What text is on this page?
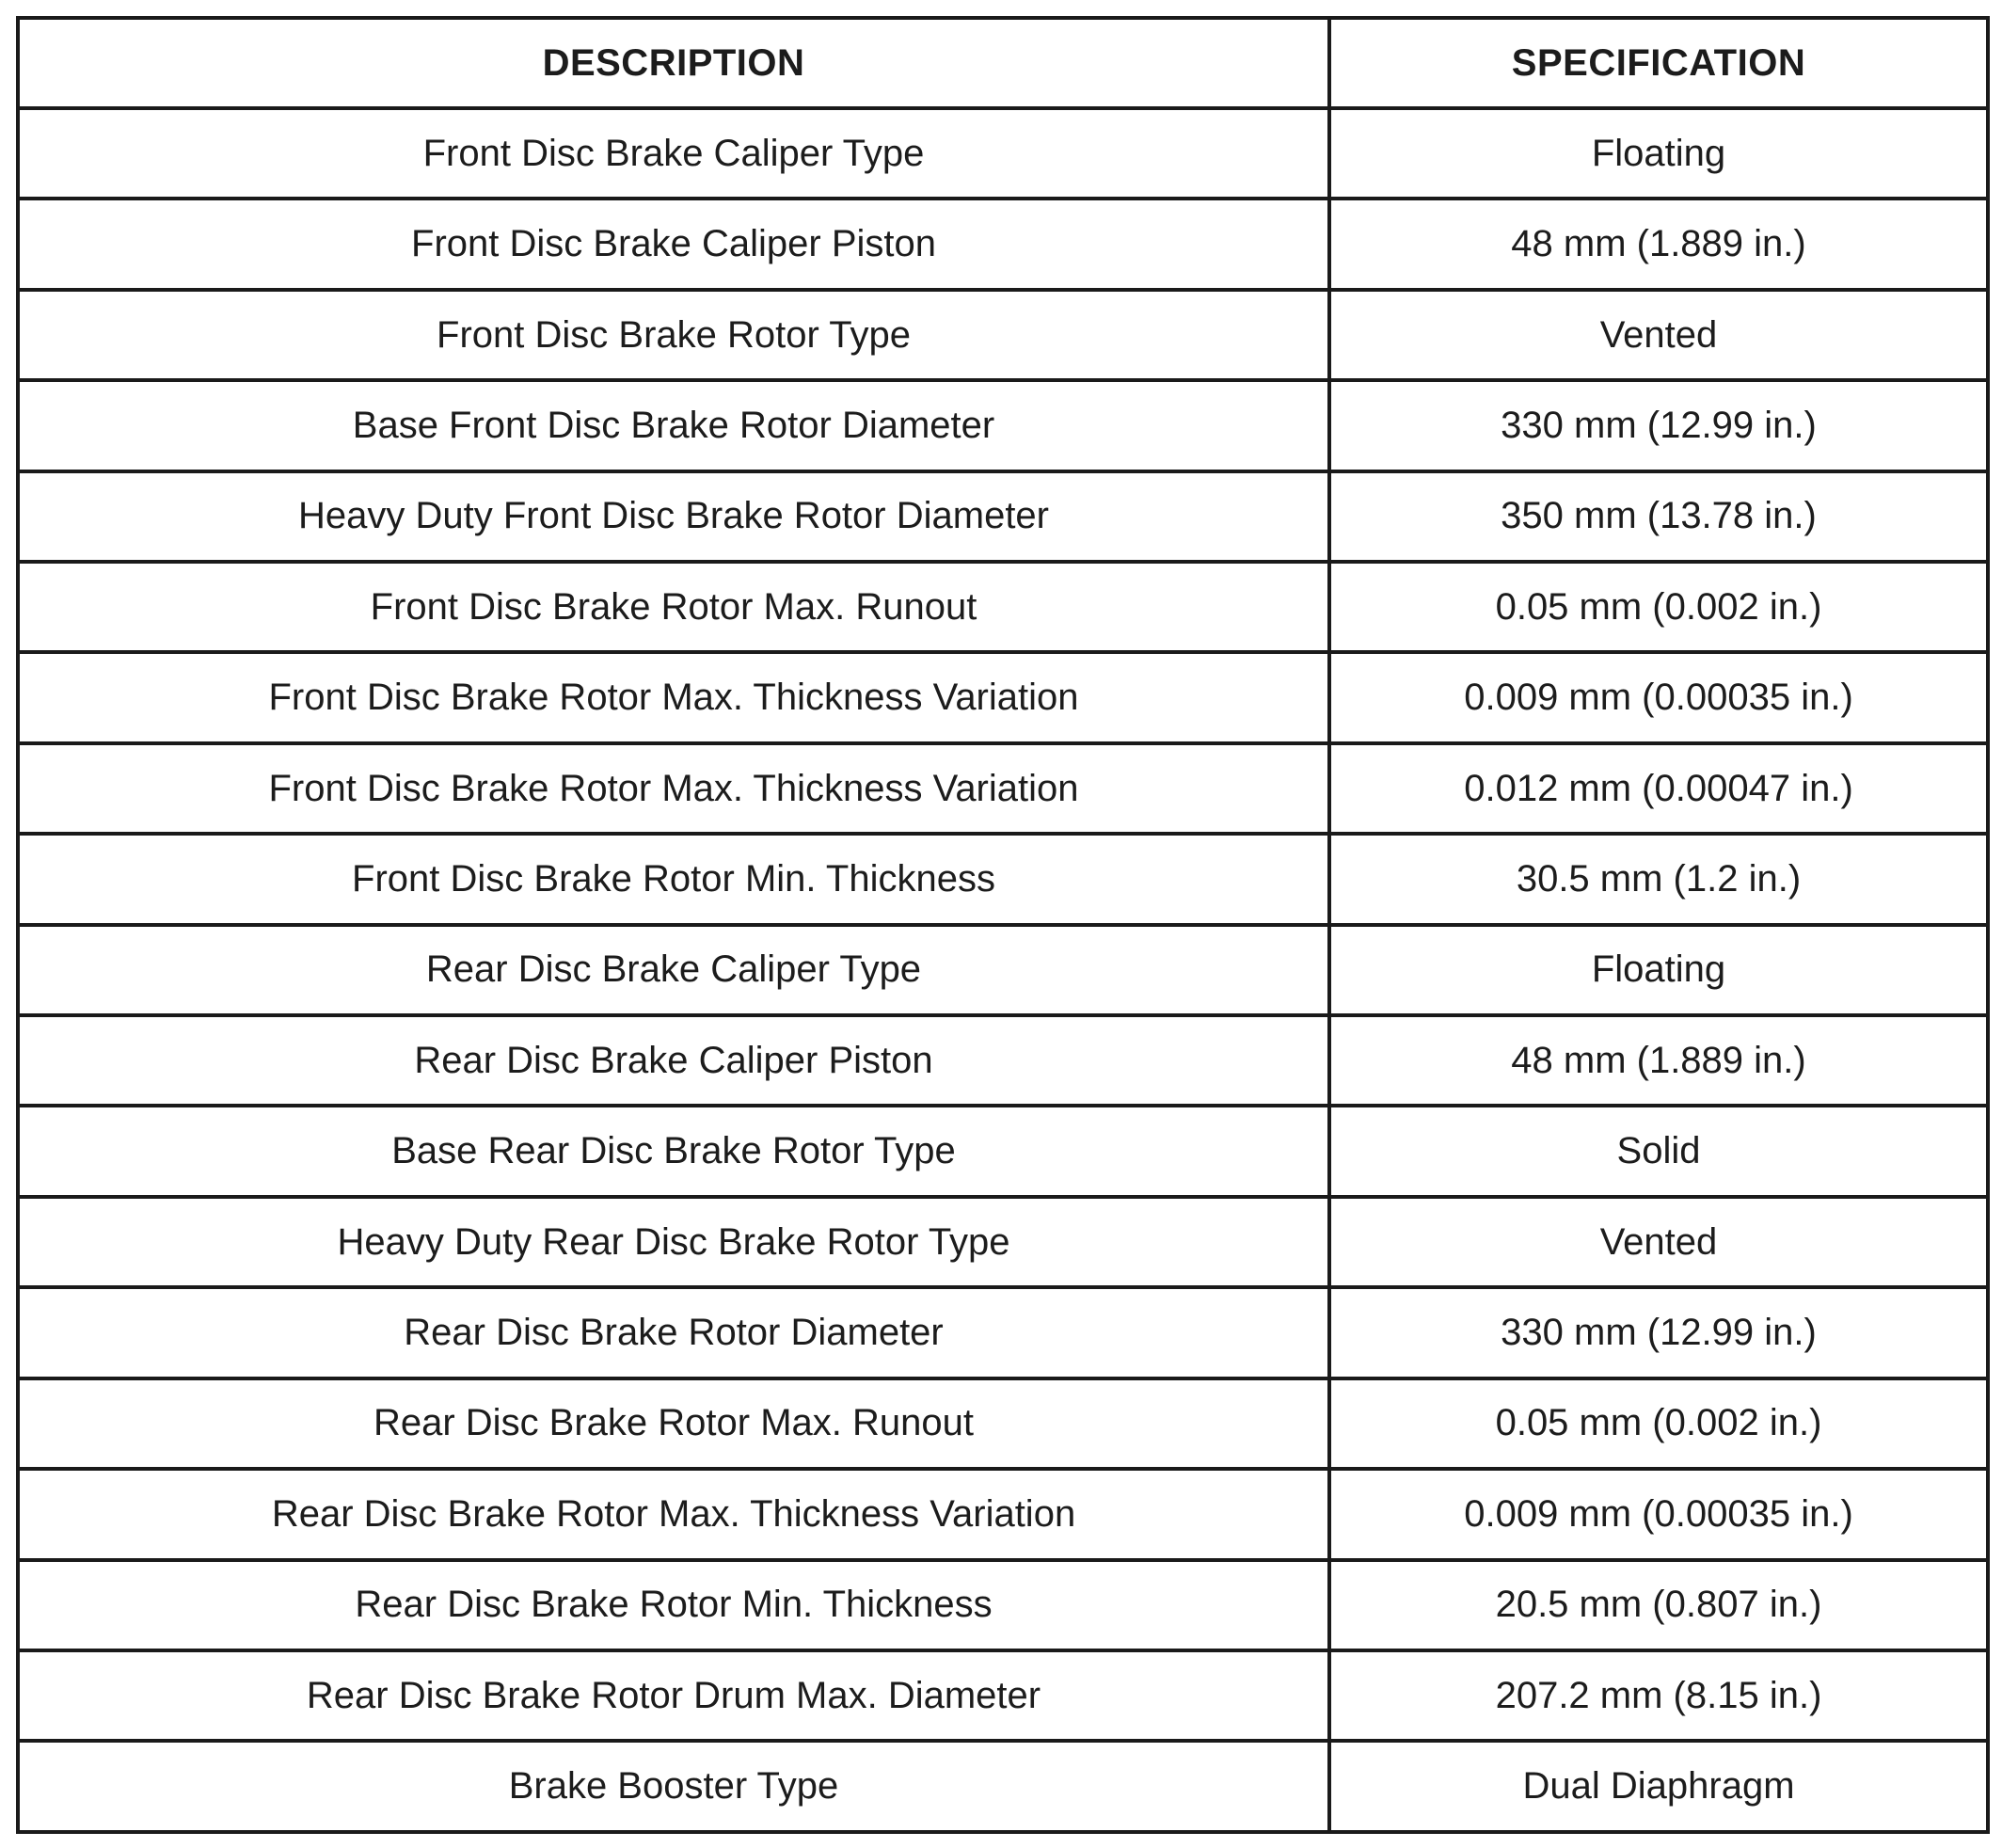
DESCRIPTION	SPECIFICATION
Front Disc Brake Caliper Type	Floating
Front Disc Brake Caliper Piston	48 mm (1.889 in.)
Front Disc Brake Rotor Type	Vented
Base Front Disc Brake Rotor Diameter	330 mm (12.99 in.)
Heavy Duty Front Disc Brake Rotor Diameter	350 mm (13.78 in.)
Front Disc Brake Rotor Max. Runout	0.05 mm (0.002 in.)
Front Disc Brake Rotor Max. Thickness Variation	0.009 mm (0.00035 in.)
Front Disc Brake Rotor Max. Thickness Variation	0.012 mm (0.00047 in.)
Front Disc Brake Rotor Min. Thickness	30.5 mm (1.2 in.)
Rear Disc Brake Caliper Type	Floating
Rear Disc Brake Caliper Piston	48 mm (1.889 in.)
Base Rear Disc Brake Rotor Type	Solid
Heavy Duty Rear Disc Brake Rotor Type	Vented
Rear Disc Brake Rotor Diameter	330 mm (12.99 in.)
Rear Disc Brake Rotor Max. Runout	0.05 mm (0.002 in.)
Rear Disc Brake Rotor Max. Thickness Variation	0.009 mm (0.00035 in.)
Rear Disc Brake Rotor Min. Thickness	20.5 mm (0.807 in.)
Rear Disc Brake Rotor Drum Max. Diameter	207.2 mm (8.15 in.)
Brake Booster Type	Dual Diaphragm
